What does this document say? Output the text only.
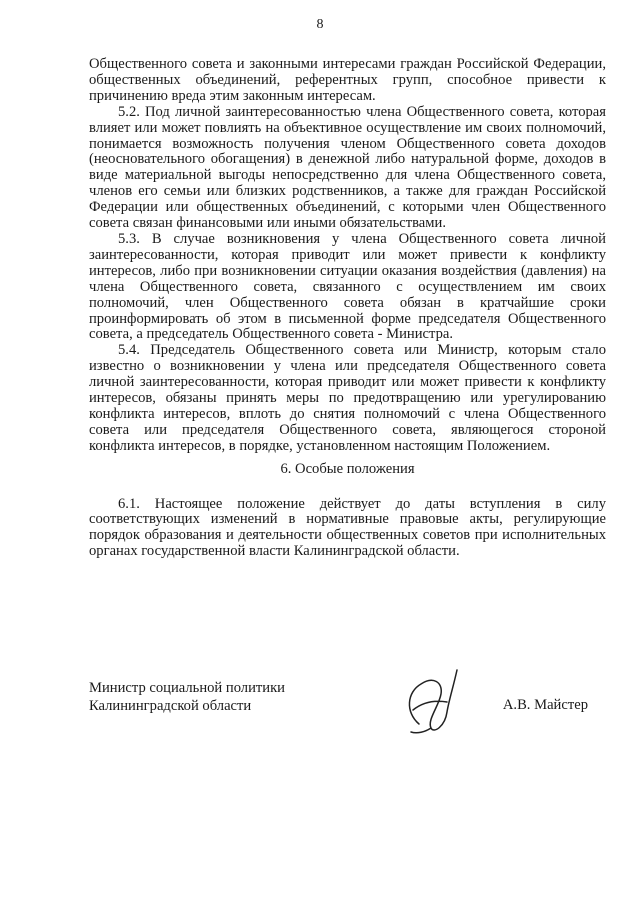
8

Общественного совета и законными интересами граждан Российской Федерации, общественных объединений, референтных групп, способное привести к причинению вреда этим законным интересам.

5.2. Под личной заинтересованностью члена Общественного совета, которая влияет или может повлиять на объективное осуществление им своих полномочий, понимается возможность получения членом Общественного совета доходов (неосновательного обогащения) в денежной либо натуральной форме, доходов в виде материальной выгоды непосредственно для члена Общественного совета, членов его семьи или близких родственников, а также для граждан Российской Федерации или общественных объединений, с которыми член Общественного совета связан финансовыми или иными обязательствами.

5.3. В случае возникновения у члена Общественного совета личной заинтересованности, которая приводит или может привести к конфликту интересов, либо при возникновении ситуации оказания воздействия (давления) на члена Общественного совета, связанного с осуществлением им своих полномочий, член Общественного совета обязан в кратчайшие сроки проинформировать об этом в письменной форме председателя Общественного совета, а председатель Общественного совета - Министра.

5.4. Председатель Общественного совета или Министр, которым стало известно о возникновении у члена или председателя Общественного совета личной заинтересованности, которая приводит или может привести к конфликту интересов, обязаны принять меры по предотвращению или урегулированию конфликта интересов, вплоть до снятия полномочий с члена Общественного совета или председателя Общественного совета, являющегося стороной конфликта интересов, в порядке, установленном настоящим Положением.

6. Особые положения

6.1. Настоящее положение действует до даты вступления в силу соответствующих изменений в нормативные правовые акты, регулирующие порядок образования и деятельности общественных советов при исполнительных органах государственной власти Калининградской области.

Министр социальной политики
Калининградской области	А.В. Майстер
